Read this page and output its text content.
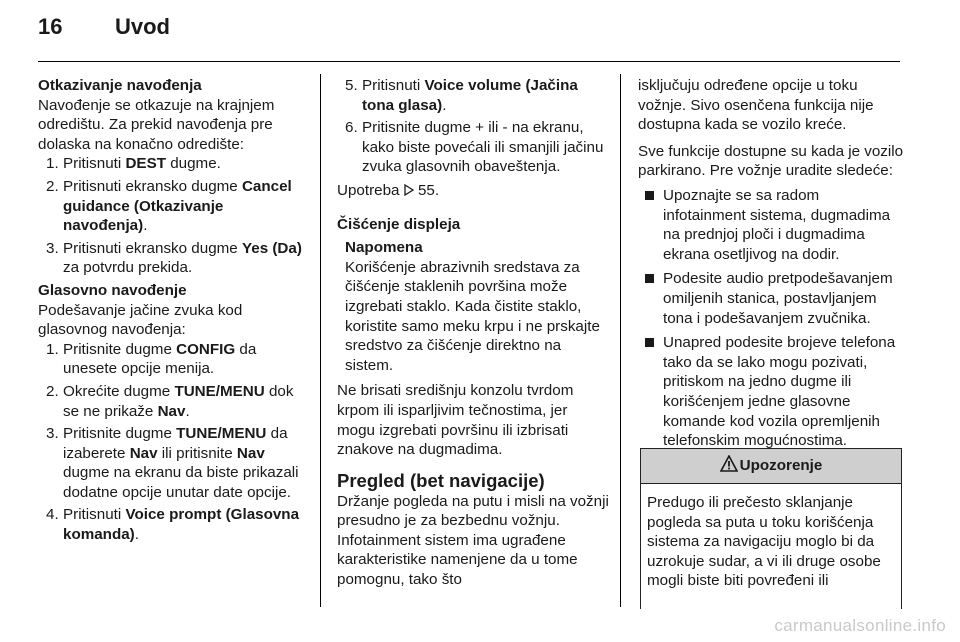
16 Uvod

Otkazivanje navođenja

Navođenje se otkazuje na krajnjem odredištu. Za prekid navođenja pre dolaska na konačno odredište:

1. Pritisnuti DEST dugme.
2. Pritisnuti ekransko dugme Cancel guidance (Otkazivanje navođenja).
3. Pritisnuti ekransko dugme Yes (Da) za potvrdu prekida.

Glasovno navođenje

Podešavanje jačine zvuka kod glasovnog navođenja:

1. Pritisnite dugme CONFIG da unesete opcije menija.
2. Okrećite dugme TUNE/MENU dok se ne prikaže Nav.
3. Pritisnite dugme TUNE/MENU da izaberete Nav ili pritisnite Nav dugme na ekranu da biste prikazali dodatne opcije unutar date opcije.
4. Pritisnuti Voice prompt (Glasovna komanda).
5. Pritisnuti Voice volume (Jačina tona glasa).
6. Pritisnite dugme + ili - na ekranu, kako biste povećali ili smanjili jačinu zvuka glasovnih obaveštenja.

Upotreba  55.

Čišćenje displeja

Napomena

Korišćenje abrazivnih sredstava za čišćenje staklenih površina može izgrebati staklo. Kada čistite staklo, koristite samo meku krpu i ne prskajte sredstvo za čišćenje direktno na sistem.

Ne brisati središnju konzolu tvrdom krpom ili isparljivim tečnostima, jer mogu izgrebati površinu ili izbrisati znakove na dugmadima.

Pregled (bet navigacije)

Držanje pogleda na putu i misli na vožnji presudno je za bezbednu vožnju. Infotainment sistem ima ugrađene karakteristike namenjene da u tome pomognu, tako što

isključuju određene opcije u toku vožnje. Sivo osenčena funkcija nije dostupna kada se vozilo kreće.

Sve funkcije dostupne su kada je vozilo parkirano. Pre vožnje uradite sledeće:

Upoznajte se sa radom infotainment sistema, dugmadima na prednjoj ploči i dugmadima ekrana osetljivog na dodir.
Podesite audio pretpodešavanjem omiljenih stanica, postavljanjem tona i podešavanjem zvučnika.
Unapred podesite brojeve telefona tako da se lako mogu pozivati, pritiskom na jedno dugme ili korišćenjem jedne glasovne komande kod vozila opremljenih telefonskim mogućnostima.
Upozorenje
Predugo ili prečesto sklanjanje pogleda sa puta u toku korišćenja sistema za navigaciju moglo bi da uzrokuje sudar, a vi ili druge osobe mogli biste biti povređeni ili
carmanualsonline.info
